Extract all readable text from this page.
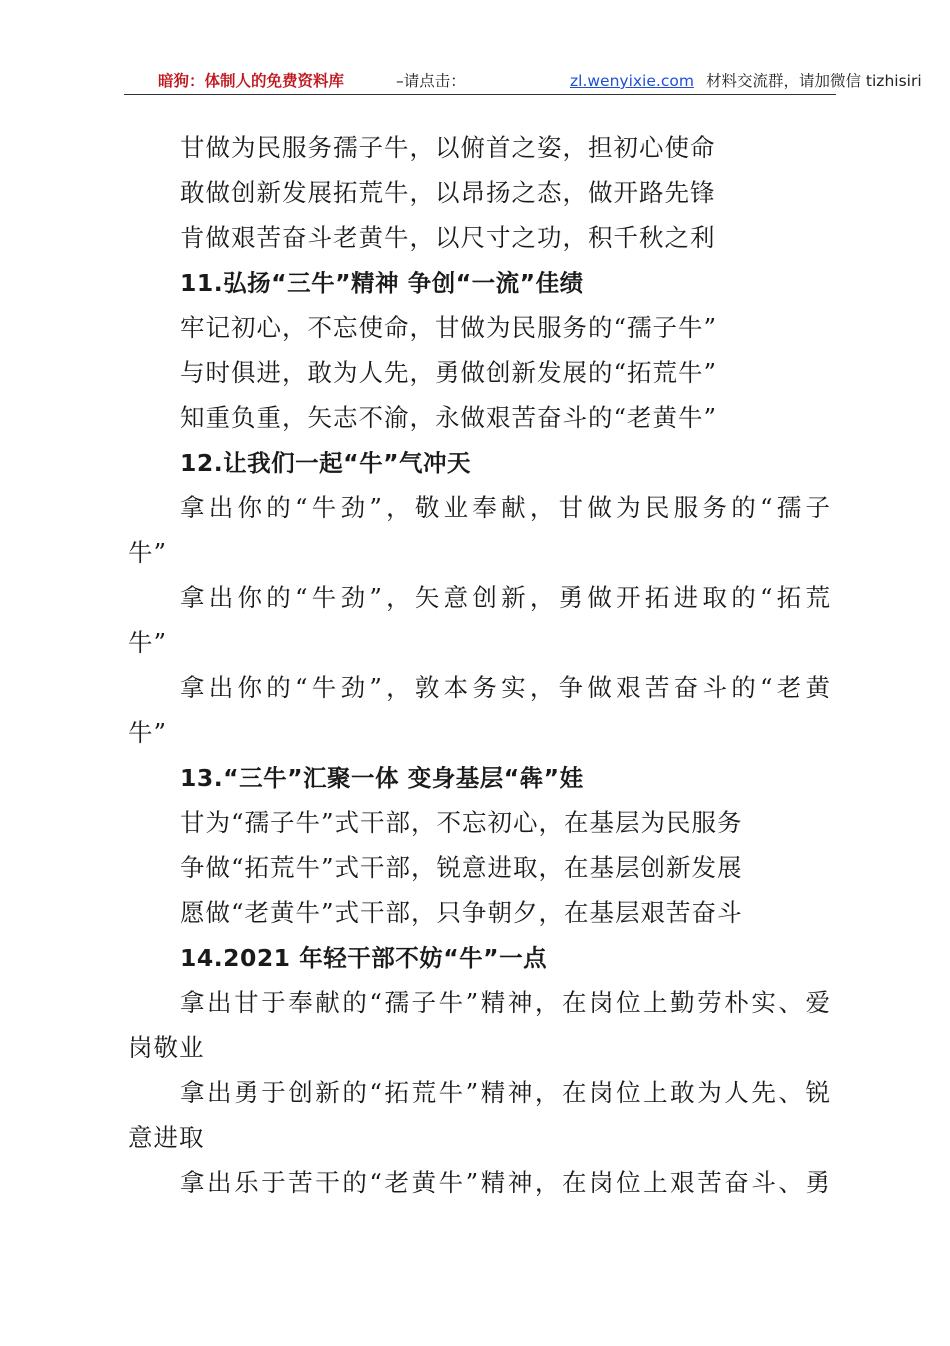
暗狗：体制人的免费资料库	–请点击：	zl.wenyixie.com 材料交流群，请加微信 tizhisiri
甘做为民服务孺子牛，以俯首之姿，担初心使命
敢做创新发展拓荒牛，以昂扬之态，做开路先锋
肯做艰苦奋斗老黄牛，以尺寸之功，积千秋之利
11.弘扬“三牛”精神 争创“一流”佳绩
牢记初心，不忘使命，甘做为民服务的“孺子牛”
与时俱进，敢为人先，勇做创新发展的“拓荒牛”
知重负重，矢志不渝，永做艰苦奋斗的“老黄牛”
12.让我们一起“牛”气冲天
拿出你的“牛劲”，敬业奉献，甘做为民服务的“孺子
牛”
拿出你的“牛劲”，矢意创新，勇做开拓进取的“拓荒
牛”
拿出你的“牛劲”，敦本务实，争做艰苦奋斗的“老黄
牛”
13.“三牛”汇聚一体 变身基层“犇”娃
甘为“孺子牛”式干部，不忘初心，在基层为民服务
争做“拓荒牛”式干部，锐意进取，在基层创新发展
愿做“老黄牛”式干部，只争朝夕，在基层艰苦奋斗
14.2021 年轻干部不妨“牛”一点
拿出甘于奉献的“孺子牛”精神，在岗位上勤劳朴实、爱
岗敬业
拿出勇于创新的“拓荒牛”精神，在岗位上敢为人先、锐
意进取
拿出乐于苦干的“老黄牛”精神，在岗位上艰苦奋斗、勇
